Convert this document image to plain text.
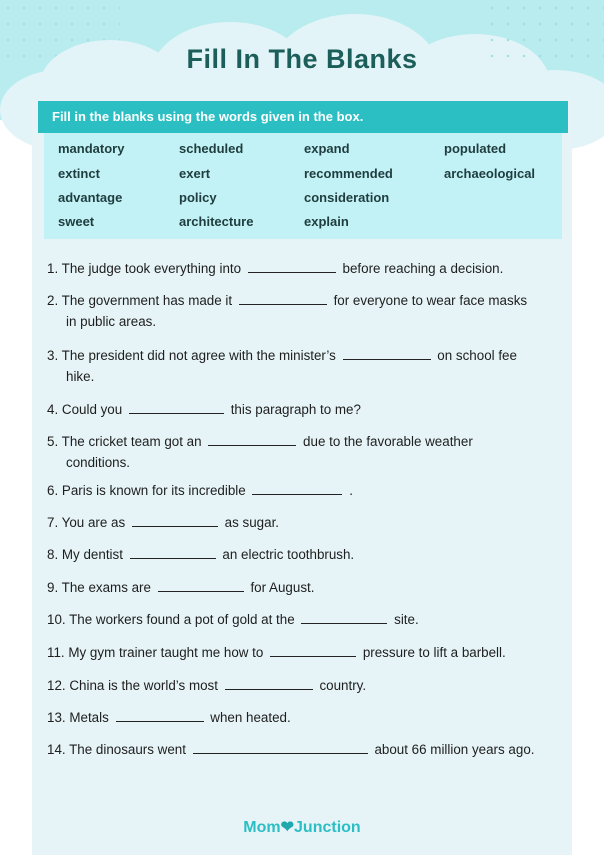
Fill In The Blanks
Fill in the blanks using the words given in the box.
mandatory	scheduled	expand	populated
extinct	exert	recommended	archaeological
advantage	policy	consideration
sweet	architecture	explain
1. The judge took everything into	before reaching a decision.
2. The government has made it	for everyone to wear face masks
in public areas.
3. The president did not agree with the minister’s	on school fee
hike.
4. Could you	this paragraph to me?
5. The cricket team got an	due to the favorable weather
conditions.
6. Paris is known for its incredible	.
7. You are as	as sugar.
8. My dentist	an electric toothbrush.
9. The exams are	for August.
10. The workers found a pot of gold at the	site.
11. My gym trainer taught me how to	pressure to lift a barbell.
12. China is the world’s most	country.
13. Metals	when heated.
14. The dinosaurs went	about 66 million years ago.
Mom❤Junction
